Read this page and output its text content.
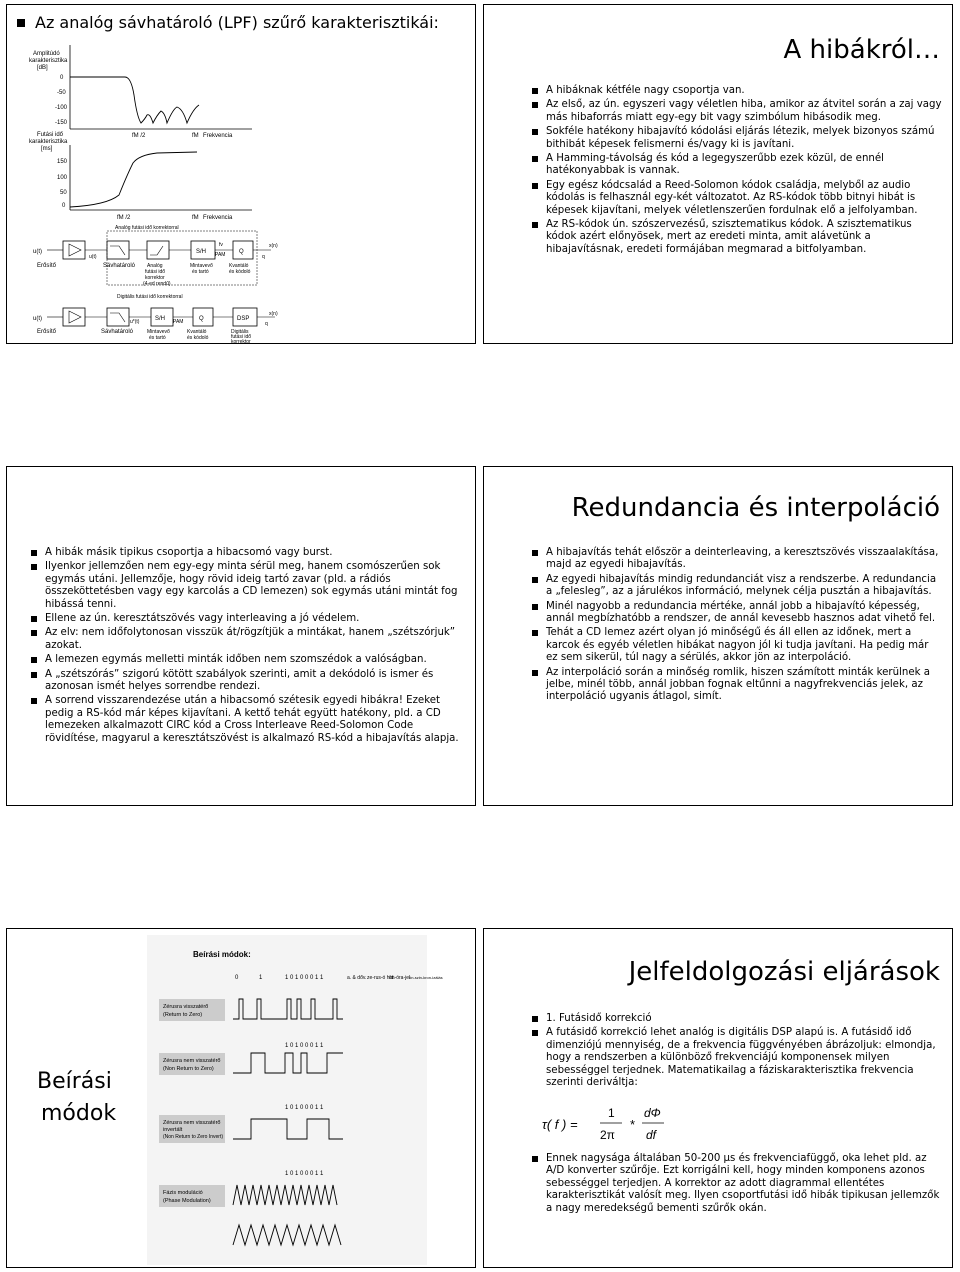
Az analóg sávhatároló (LPF) szűrő karakterisztikái:
Amplitúdó
karakterisztika
[dB]
0
-50
-100
-150
fM /2	fM Frekvencia
Futási idő
karakterisztika
[ms]
150
100
50
0
fM /2	fM Frekvencia
Analóg futási idő korrektorral
u(t)
Erősítő
u(t)
Sávhatároló Analóg
futási idő
korrektor
(4-ed rendű)
S/H PAM
Mintavevő
és tartó
fv
Q
Kvantáló
és kódoló
x(n)
q
Digitális futási idő korrektorral
u(t)
Erősítő	Sávhatároló
u*(t)	S/H PAM
Mintavevő
és tartó
Q
Kvantáló
és kódoló
DSP
Digitális
futási idő
korrektor
x(n)
q
A hibákról…
A hibáknak kétféle nagy csoportja van.
Az első, az ún. egyszeri vagy véletlen hiba, amikor az átvitel során a zaj vagy más hibaforrás miatt egy-egy bit vagy szimbólum hibásodik meg.
Sokféle hatékony hibajavító kódolási eljárás létezik, melyek bizonyos számú bithibát képesek felismerni és/vagy ki is javítani.
A Hamming-távolság és kód a legegyszerűbb ezek közül, de ennél hatékonyabbak is vannak.
Egy egész kódcsalád a Reed-Solomon kódok családja, melyből az audio kódolás is felhasznál egy-két változatot. Az RS-kódok több bitnyi hibát is képesek kijavítani, melyek véletlenszerűen fordulnak elő a jelfolyamban.
Az RS-kódok ún. szószervezésű, szisztematikus kódok. A szisztematikus kódok azért előnyösek, mert az eredeti minta, amit alávetünk a hibajavításnak, eredeti formájában megmarad a bitfolyamban.
A hibák másik tipikus csoportja a hibacsomó vagy burst.
Ilyenkor jellemzően nem egy-egy minta sérül meg, hanem csomószerűen sok egymás utáni. Jellemzője, hogy rövid ideig tartó zavar (pld. a rádiós összeköttetésben vagy egy karcolás a CD lemezen) sok egymás utáni mintát fog hibássá tenni.
Ellene az ún. keresztátszövés vagy interleaving a jó védelem.
Az elv: nem időfolytonosan visszük át/rögzítjük a mintákat, hanem „szétszórjuk” azokat.
A lemezen egymás melletti minták időben nem szomszédok a valóságban.
A „szétszórás” szigorú kötött szabályok szerinti, amit a dekódoló is ismer és azonosan ismét helyes sorrendbe rendezi.
A sorrend visszarendezése után a hibacsomó szétesik egyedi hibákra! Ezeket pedig a RS-kód már képes kijavítani. A kettő tehát együtt hatékony, pld. a CD lemezeken alkalmazott CIRC kód a Cross Interleave Reed-Solomon Code rövidítése, magyarul a keresztátszövést is alkalmazó RS-kód a hibajavítás alapja.
Redundancia és interpoláció
A hibajavítás tehát először a deinterleaving, a keresztszövés visszaalakítása, majd az egyedi hibajavítás.
Az egyedi hibajavítás mindig redundanciát visz a rendszerbe. A redundancia a „felesleg”, az a járulékos információ, melynek célja pusztán a hibajavítás.
Minél nagyobb a redundancia mértéke, annál jobb a hibajavító képesség, annál megbízhatóbb a rendszer, de annál kevesebb hasznos adat vihető fel.
Tehát a CD lemez azért olyan jó minőségű és áll ellen az időnek, mert a karcok és egyéb véletlen hibákat nagyon jól ki tudja javítani. Ha pedig már ez sem sikerül, túl nagy a sérülés, akkor jön az interpoláció.
Az interpoláció során a minőség romlik, hiszen számított minták kerülnek a jelbe, minél több, annál jobban fognak eltűnni a nagyfrekvenciás jelek, az interpoláció ugyanis átlagol, simít.
Beírási
módok
Beírási módok:
0	1	1 0 1 0 0 0 1 1	a. & dőv. ze-rus-ó hid.
ön-óra-jel
ön-szin-kron-izálás
Zérusra visszatérő
(Return to Zero)
Zérusra nem visszatérő
(Non Return to Zero)
1 0 1 0 0 0 1 1
Zérusra nem visszatérő
invertált
(Non Return to Zero Invert)
1 0 1 0 0 0 1 1
Fázis moduláció
(Phase Modulation)
1 0 1 0 0 0 1 1
Jelfeldolgozási eljárások
1. Futásidő korrekció
A futásidő korrekció lehet analóg is digitális DSP alapú is. A futásidő idő dimenziójú mennyiség, de a frekvencia függvényében ábrázoljuk: elmondja, hogy a rendszerben a különböző frekvenciájú komponensek milyen sebességgel terjednek. Matematikailag a fáziskarakterisztika frekvencia szerinti deriváltja:
τ( f ) =
1
2π
*
dΦ
df
Ennek nagysága általában 50-200 μs és frekvenciafüggő, oka lehet pld. az A/D konverter szűrője. Ezt korrigálni kell, hogy minden komponens azonos sebességgel terjedjen. A korrektor az adott diagrammal ellentétes karakterisztikát valósít meg. Ilyen csoportfutási idő hibák tipikusan jellemzők a nagy meredekségű bementi szűrők okán.
